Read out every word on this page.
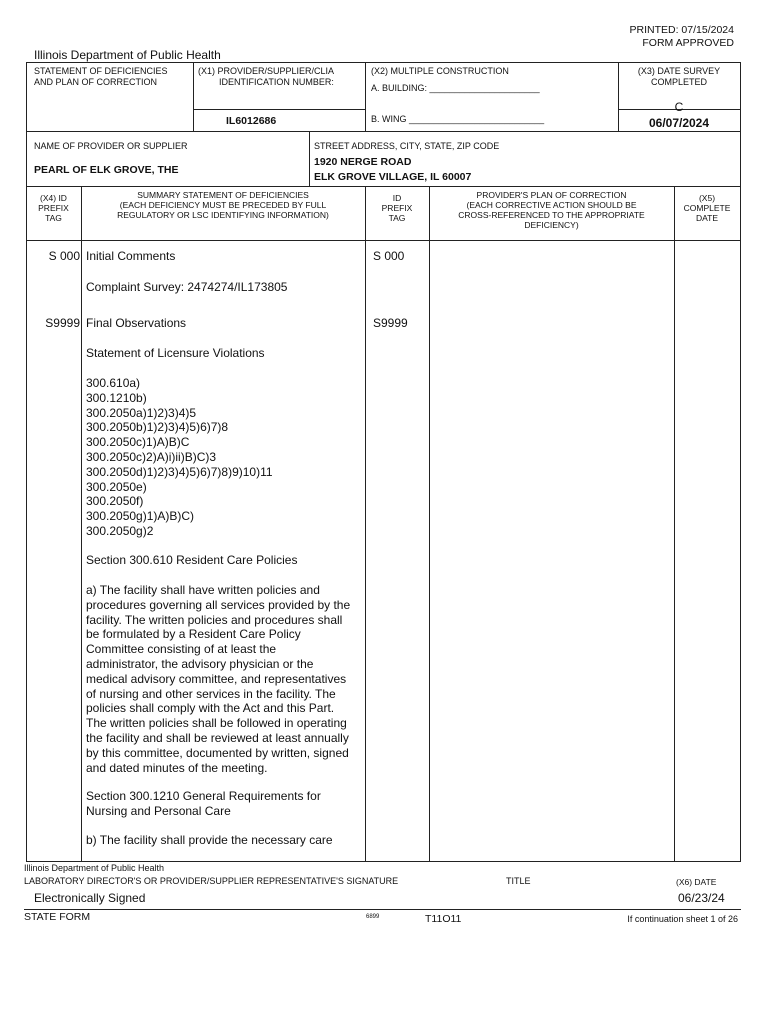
PRINTED: 07/15/2024
FORM APPROVED
Illinois Department of Public Health
STATEMENT OF DEFICIENCIES
AND PLAN OF CORRECTION
(X1) PROVIDER/SUPPLIER/CLIA
IDENTIFICATION NUMBER:
IL6012686
(X2) MULTIPLE CONSTRUCTION
A. BUILDING: ______________________
B. WING ___________________________
(X3) DATE SURVEY
COMPLETED
C
06/07/2024
NAME OF PROVIDER OR SUPPLIER
PEARL OF ELK GROVE, THE
STREET ADDRESS, CITY, STATE, ZIP CODE
1920 NERGE ROAD
ELK GROVE VILLAGE, IL 60007
(X4) ID
PREFIX
TAG
SUMMARY STATEMENT OF DEFICIENCIES
(EACH DEFICIENCY MUST BE PRECEDED BY FULL
REGULATORY OR LSC IDENTIFYING INFORMATION)
ID
PREFIX
TAG
PROVIDER'S PLAN OF CORRECTION
(EACH CORRECTIVE ACTION SHOULD BE
CROSS-REFERENCED TO THE APPROPRIATE
DEFICIENCY)
(X5)
COMPLETE
DATE
S 000 Initial Comments	S 000
Complaint Survey: 2474274/IL173805
S9999 Final Observations	S9999
Statement of Licensure Violations
300.610a)
300.1210b)
300.2050a)1)2)3)4)5
300.2050b)1)2)3)4)5)6)7)8
300.2050c)1)A)B)C
300.2050c)2)A)i)ii)B)C)3
300.2050d)1)2)3)4)5)6)7)8)9)10)11
300.2050e)
300.2050f)
300.2050g)1)A)B)C)
300.2050g)2
Section 300.610 Resident Care Policies
a) The facility shall have written policies and
procedures governing all services provided by the
facility. The written policies and procedures shall
be formulated by a Resident Care Policy
Committee consisting of at least the
administrator, the advisory physician or the
medical advisory committee, and representatives
of nursing and other services in the facility. The
policies shall comply with the Act and this Part.
The written policies shall be followed in operating
the facility and shall be reviewed at least annually
by this committee, documented by written, signed
and dated minutes of the meeting.
Section 300.1210 General Requirements for
Nursing and Personal Care
b) The facility shall provide the necessary care
Illinois Department of Public Health
LABORATORY DIRECTOR'S OR PROVIDER/SUPPLIER REPRESENTATIVE'S SIGNATURE	TITLE	(X6) DATE
Electronically Signed	06/23/24
STATE FORM	6899	T11O11	If continuation sheet 1 of 26
